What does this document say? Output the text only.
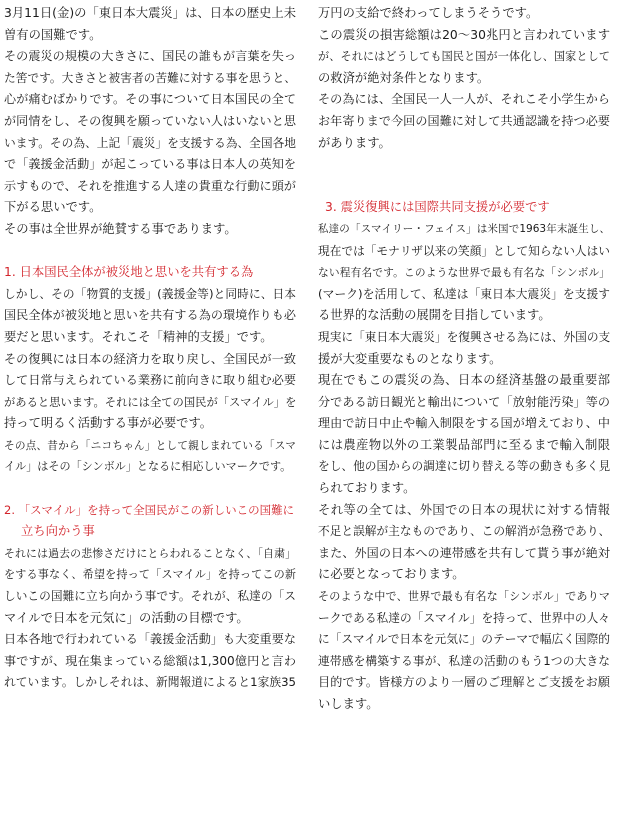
3月11日(金)の「東日本大震災」は、日本の歴史上未
曽有の国難です。
その震災の規模の大きさに、国民の誰もが言葉を失っ
た筈です。大きさと被害者の苦難に対する事を思うと、
心が痛むばかりです。その事について日本国民の全て
が同情をし、その復興を願っていない人はいないと思
います。その為、上記「震災」を支援する為、全国各地
で「義援金活動」が起こっている事は日本人の英知を
示すもので、それを推進する人達の貴重な行動に頭が
下がる思いです。
その事は全世界が絶賛する事であります。
1. 日本国民全体が被災地と思いを共有する為
しかし、その「物質的支援」(義援金等)と同時に、日本
国民全体が被災地と思いを共有する為の環境作りも必
要だと思います。それこそ「精神的支援」です。
その復興には日本の経済力を取り戻し、全国民が一致
して日常与えられている業務に前向きに取り組む必要
があると思います。それには全ての国民が「スマイル」を
持って明るく活動する事が必要です。
その点、昔から「ニコちゃん」として親しまれている「スマ
イル」はその「シンボル」となるに相応しいマークです。
2. 「スマイル」を持って全国民がこの新しいこの国難に
立ち向かう事
それには過去の悲惨さだけにとらわれることなく、「自粛」
をする事なく、希望を持って「スマイル」を持ってこの新
しいこの国難に立ち向かう事です。それが、私達の「ス
マイルで日本を元気に」の活動の目標です。
日本各地で行われている「義援金活動」も大変重要な
事ですが、現在集まっている総額は1,300億円と言わ
れています。しかしそれは、新聞報道によると1家族35
万円の支給で終わってしまうそうです。
この震災の損害総額は20〜30兆円と言われています
が、それにはどうしても国民と国が一体化し、国家として
の救済が絶対条件となります。
その為には、全国民一人一人が、それこそ小学生から
お年寄りまで今回の国難に対して共通認識を持つ必要
があります。
3. 震災復興には国際共同支援が必要です
私達の「スマイリー・フェイス」は米国で1963年末誕生し、
現在では「モナリザ以来の笑顔」として知らない人はい
ない程有名です。このような世界で最も有名な「シンボル」
(マーク)を活用して、私達は「東日本大震災」を支援す
る世界的な活動の展開を目指しています。
現実に「東日本大震災」を復興させる為には、外国の支
援が大変重要なものとなります。
現在でもこの震災の為、日本の経済基盤の最重要部
分である訪日観光と輸出について「放射能汚染」等の
理由で訪日中止や輸入制限をする国が増えており、中
には農産物以外の工業製品部門に至るまで輸入制限
をし、他の国からの調達に切り替える等の動きも多く見
られております。
それ等の全ては、外国での日本の現状に対する情報
不足と誤解が主なものであり、この解消が急務であり、
また、外国の日本への連帯感を共有して貰う事が絶対
に必要となっております。
そのような中で、世界で最も有名な「シンボル」でありマ
ークである私達の「スマイル」を持って、世界中の人々
に「スマイルで日本を元気に」のテーマで幅広く国際的
連帯感を構築する事が、私達の活動のもう1つの大きな
目的です。皆様方のより一層のご理解とご支援をお願
いします。
